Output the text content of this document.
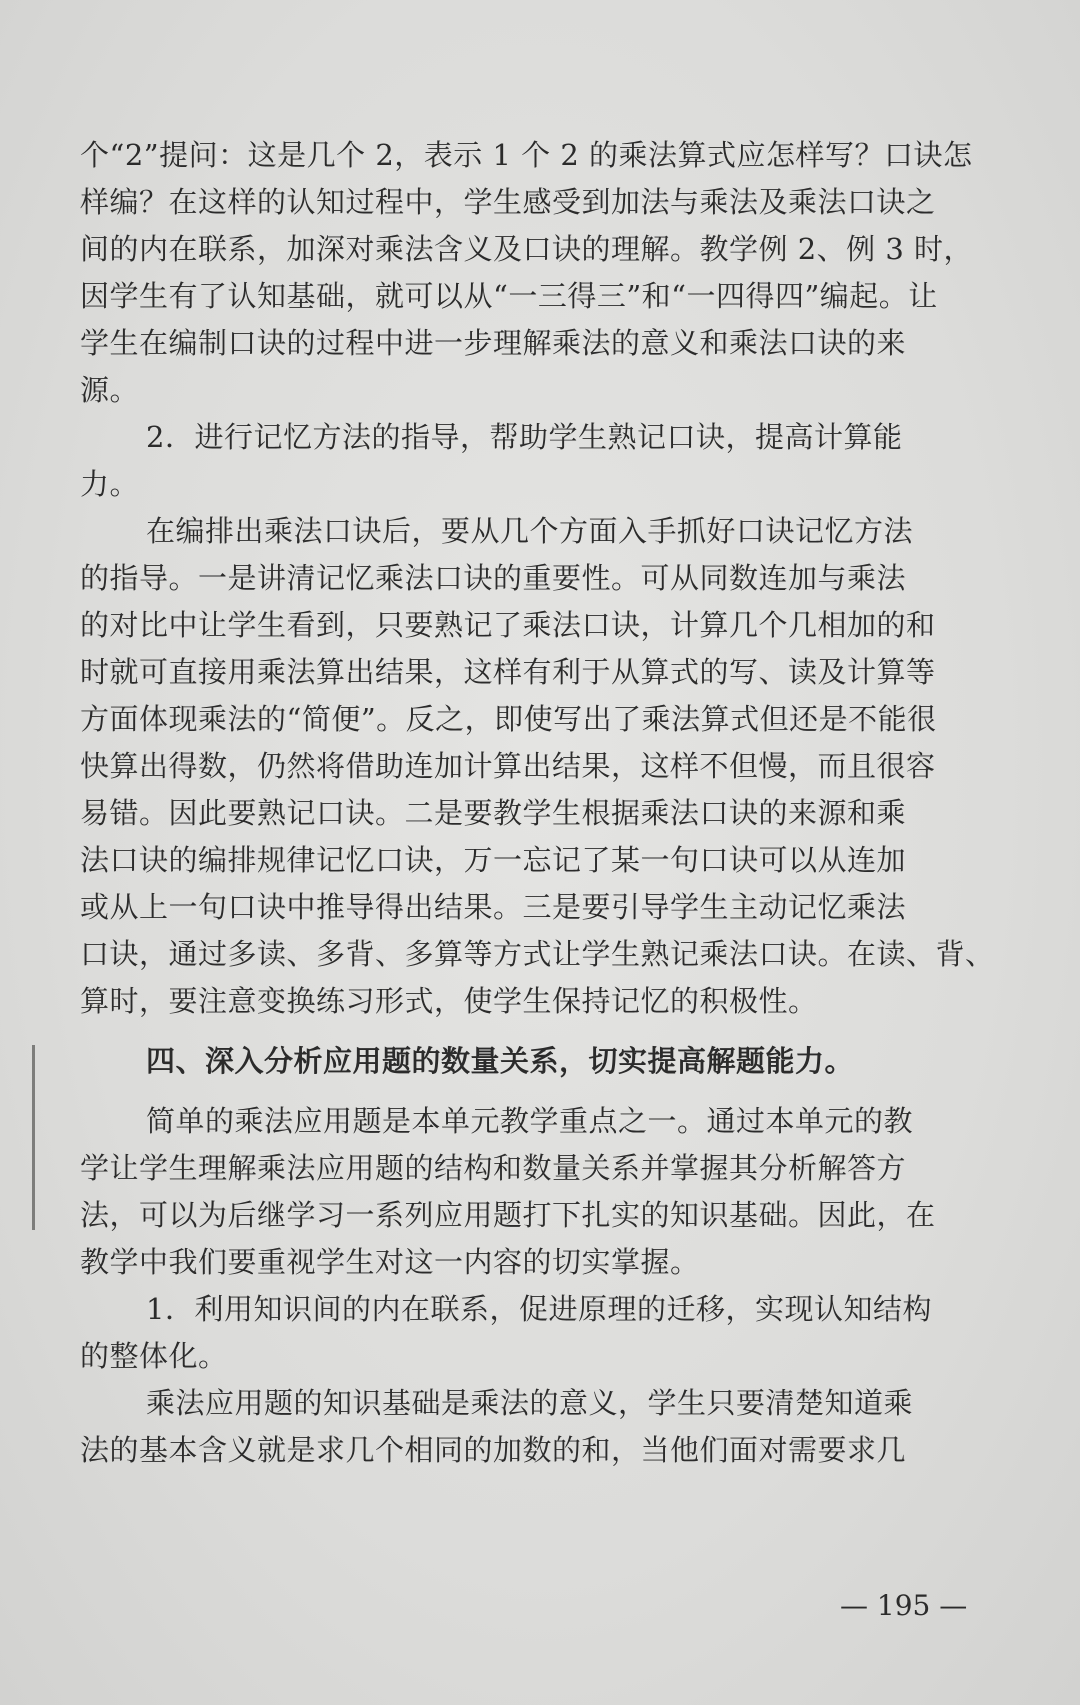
个“2”提问：这是几个 2，表示 1 个 2 的乘法算式应怎样写？口诀怎
样编？在这样的认知过程中，学生感受到加法与乘法及乘法口诀之
间的内在联系，加深对乘法含义及口诀的理解。教学例 2、例 3 时，
因学生有了认知基础，就可以从“一三得三”和“一四得四”编起。让
学生在编制口诀的过程中进一步理解乘法的意义和乘法口诀的来
源。
2．进行记忆方法的指导，帮助学生熟记口诀，提高计算能
力。
在编排出乘法口诀后，要从几个方面入手抓好口诀记忆方法
的指导。一是讲清记忆乘法口诀的重要性。可从同数连加与乘法
的对比中让学生看到，只要熟记了乘法口诀，计算几个几相加的和
时就可直接用乘法算出结果，这样有利于从算式的写、读及计算等
方面体现乘法的“简便”。反之，即使写出了乘法算式但还是不能很
快算出得数，仍然将借助连加计算出结果，这样不但慢，而且很容
易错。因此要熟记口诀。二是要教学生根据乘法口诀的来源和乘
法口诀的编排规律记忆口诀，万一忘记了某一句口诀可以从连加
或从上一句口诀中推导得出结果。三是要引导学生主动记忆乘法
口诀，通过多读、多背、多算等方式让学生熟记乘法口诀。在读、背、
算时，要注意变换练习形式，使学生保持记忆的积极性。
四、深入分析应用题的数量关系，切实提高解题能力。
简单的乘法应用题是本单元教学重点之一。通过本单元的教
学让学生理解乘法应用题的结构和数量关系并掌握其分析解答方
法，可以为后继学习一系列应用题打下扎实的知识基础。因此，在
教学中我们要重视学生对这一内容的切实掌握。
1．利用知识间的内在联系，促进原理的迁移，实现认知结构
的整体化。
乘法应用题的知识基础是乘法的意义，学生只要清楚知道乘
法的基本含义就是求几个相同的加数的和，当他们面对需要求几
— 195 —
